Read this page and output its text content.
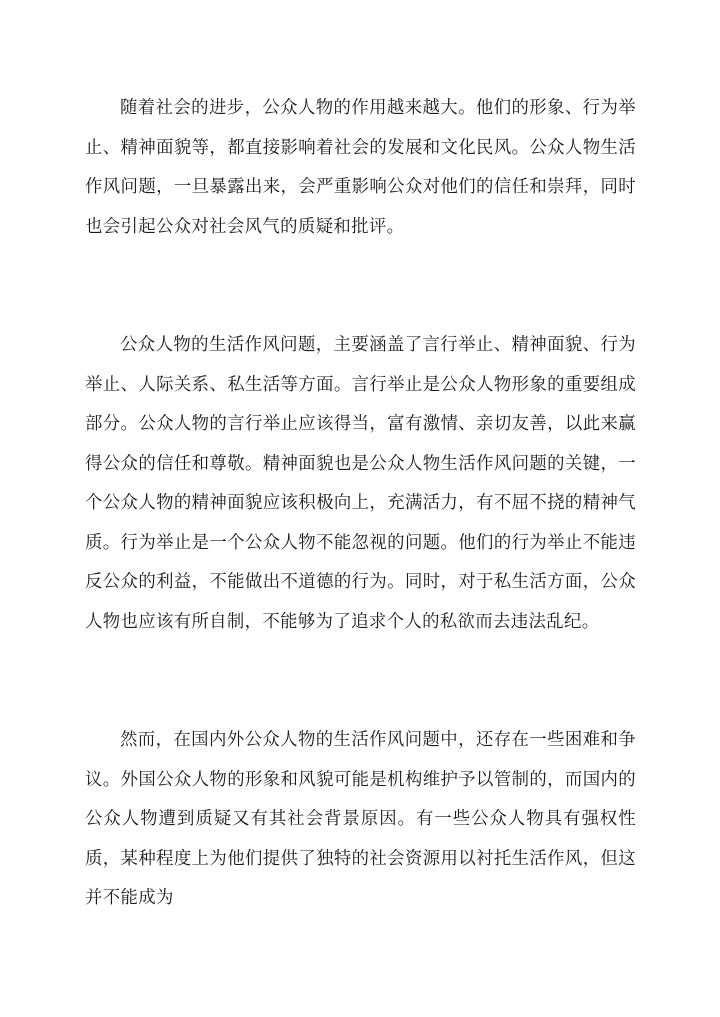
随着社会的进步，公众人物的作用越来越大。他们的形象、行为举止、精神面貌等，都直接影响着社会的发展和文化民风。公众人物生活作风问题，一旦暴露出来，会严重影响公众对他们的信任和崇拜，同时也会引起公众对社会风气的质疑和批评。

公众人物的生活作风问题，主要涵盖了言行举止、精神面貌、行为举止、人际关系、私生活等方面。言行举止是公众人物形象的重要组成部分。公众人物的言行举止应该得当，富有激情、亲切友善，以此来赢得公众的信任和尊敬。精神面貌也是公众人物生活作风问题的关键，一个公众人物的精神面貌应该积极向上，充满活力，有不屈不挠的精神气质。行为举止是一个公众人物不能忽视的问题。他们的行为举止不能违反公众的利益，不能做出不道德的行为。同时，对于私生活方面，公众人物也应该有所自制，不能够为了追求个人的私欲而去违法乱纪。

然而，在国内外公众人物的生活作风问题中，还存在一些困难和争议。外国公众人物的形象和风貌可能是机构维护予以管制的，而国内的公众人物遭到质疑又有其社会背景原因。有一些公众人物具有强权性质，某种程度上为他们提供了独特的社会资源用以衬托生活作风，但这并不能成为
